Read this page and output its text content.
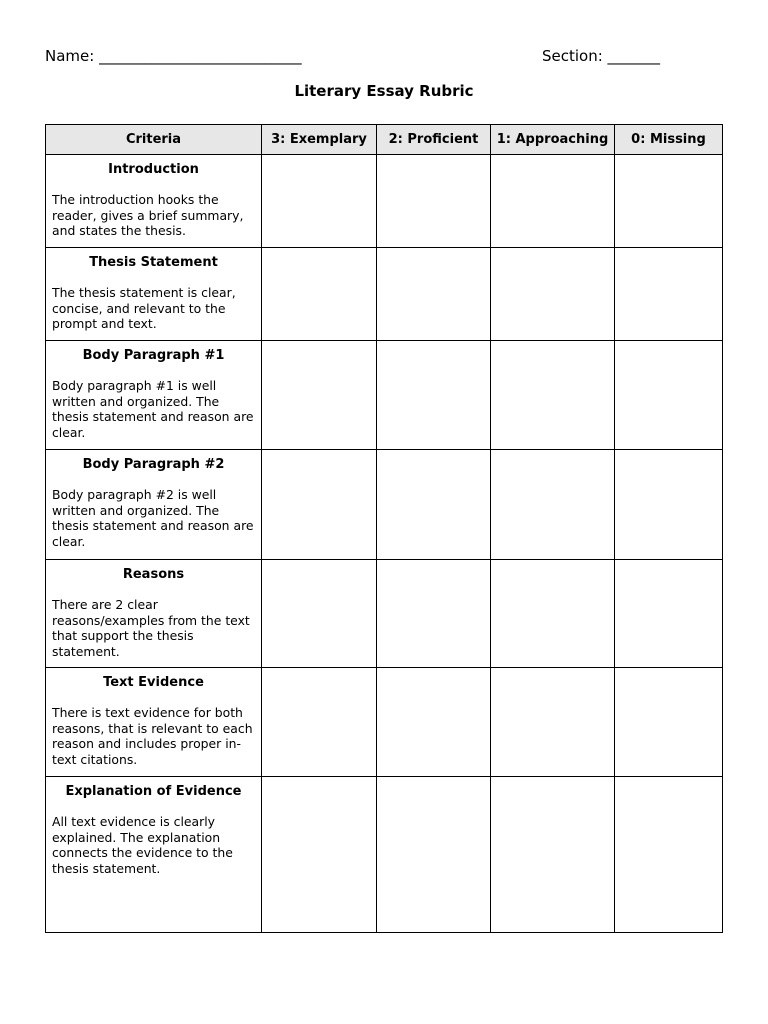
Name: ___________________________	Section: _______
Literary Essay Rubric
Criteria	3: Exemplary	2: Proficient	1: Approaching	0: Missing

Introduction
The introduction hooks the reader, gives a brief summary, and states the thesis.				

Thesis Statement
The thesis statement is clear, concise, and relevant to the prompt and text.				

Body Paragraph #1
Body paragraph #1 is well written and organized. The thesis statement and reason are clear.				

Body Paragraph #2
Body paragraph #2 is well written and organized. The thesis statement and reason are clear.				

Reasons
There are 2 clear reasons/examples from the text that support the thesis statement.				

Text Evidence
There is text evidence for both reasons, that is relevant to each reason and includes proper in-text citations.				

Explanation of Evidence
All text evidence is clearly explained. The explanation connects the evidence to the thesis statement.				
